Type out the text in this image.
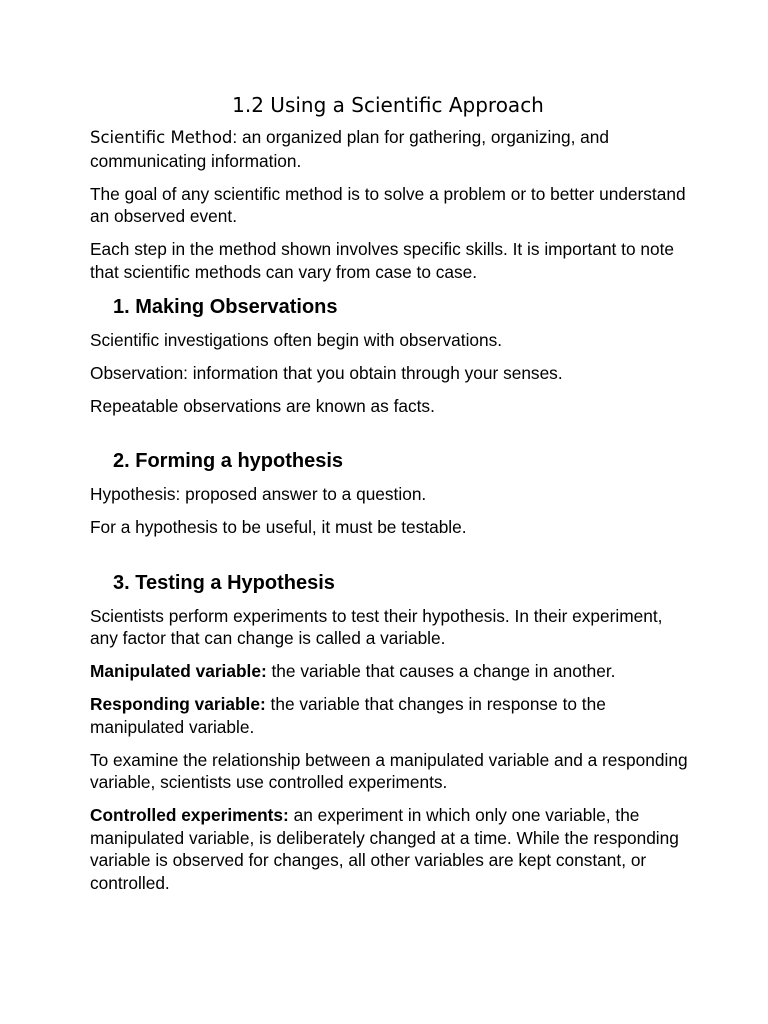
1.2 Using a Scientific Approach

Scientific Method: an organized plan for gathering, organizing, and communicating information.

The goal of any scientific method is to solve a problem or to better understand an observed event.

Each step in the method shown involves specific skills. It is important to note that scientific methods can vary from case to case.

1. Making Observations

Scientific investigations often begin with observations.

Observation: information that you obtain through your senses.

Repeatable observations are known as facts.

2. Forming a hypothesis

Hypothesis: proposed answer to a question.

For a hypothesis to be useful, it must be testable.

3. Testing a Hypothesis

Scientists perform experiments to test their hypothesis. In their experiment, any factor that can change is called a variable.

Manipulated variable: the variable that causes a change in another.

Responding variable: the variable that changes in response to the manipulated variable.

To examine the relationship between a manipulated variable and a responding variable, scientists use controlled experiments.

Controlled experiments: an experiment in which only one variable, the manipulated variable, is deliberately changed at a time. While the responding variable is observed for changes, all other variables are kept constant, or controlled.
